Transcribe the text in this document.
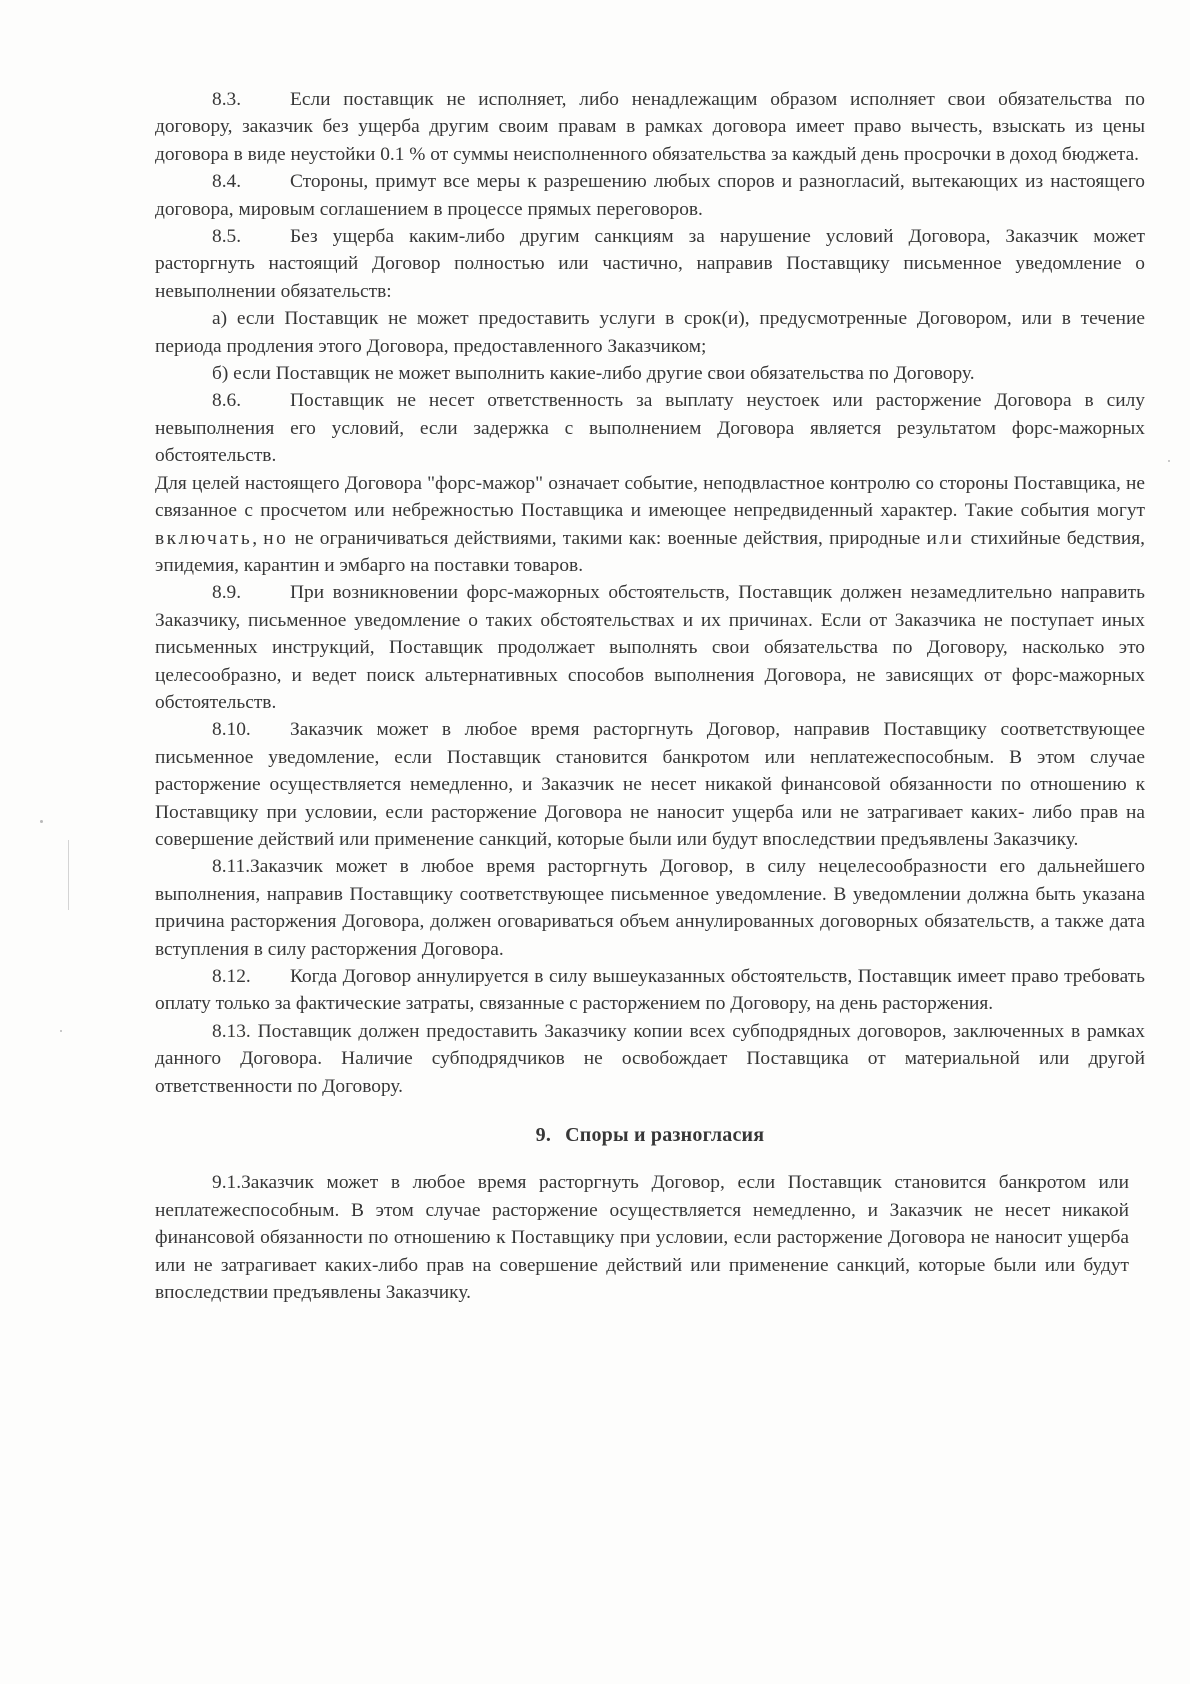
8.3.	Если поставщик не исполняет, либо ненадлежащим образом исполняет свои обязательства по договору, заказчик без ущерба другим своим правам в рамках договора имеет право вычесть, взыскать из цены договора в виде неустойки 0.1 % от суммы неисполненного обязательства за каждый день просрочки в доход бюджета.

8.4.	Стороны, примут все меры к разрешению любых споров и разногласий, вытекающих из настоящего договора, мировым соглашением в процессе прямых переговоров.

8.5.	Без ущерба каким-либо другим санкциям за нарушение условий Договора, Заказчик может расторгнуть настоящий Договор полностью или частично, направив Поставщику письменное уведомление о невыполнении обязательств:

а) если Поставщик не может предоставить услуги в срок(и), предусмотренные Договором, или в течение периода продления этого Договора, предоставленного Заказчиком;

б) если Поставщик не может выполнить какие-либо другие свои обязательства по Договору.

8.6.	Поставщик не несет ответственность за выплату неустоек или расторжение Договора в силу невыполнения его условий, если задержка с выполнением Договора является результатом форс-мажорных обстоятельств.

Для целей настоящего Договора "форс-мажор" означает событие, неподвластное контролю со стороны Поставщика, не связанное с просчетом или небрежностью Поставщика и имеющее непредвиденный характер. Такие события могут включать, но не ограничиваться действиями, такими как: военные действия, природные или стихийные бедствия, эпидемия, карантин и эмбарго на поставки товаров.

8.9.	При возникновении форс-мажорных обстоятельств, Поставщик должен незамедлительно направить Заказчику, письменное уведомление о таких обстоятельствах и их причинах. Если от Заказчика не поступает иных письменных инструкций, Поставщик продолжает выполнять свои обязательства по Договору, насколько это целесообразно, и ведет поиск альтернативных способов выполнения Договора, не зависящих от форс-мажорных обстоятельств.

8.10. Заказчик может в любое время расторгнуть Договор, направив Поставщику соответствующее письменное уведомление, если Поставщик становится банкротом или неплатежеспособным. В этом случае расторжение осуществляется немедленно, и Заказчик не несет никакой финансовой обязанности по отношению к Поставщику при условии, если расторжение Договора не наносит ущерба или не затрагивает каких- либо прав на совершение действий или применение санкций, которые были или будут впоследствии предъявлены Заказчику.

8.11.Заказчик может в любое время расторгнуть Договор, в силу нецелесообразности его дальнейшего выполнения, направив Поставщику соответствующее письменное уведомление. В уведомлении должна быть указана причина расторжения Договора, должен оговариваться объем аннулированных договорных обязательств, а также дата вступления в силу расторжения Договора.

8.12. Когда Договор аннулируется в силу вышеуказанных обстоятельств, Поставщик имеет право требовать оплату только за фактические затраты, связанные с расторжением по Договору, на день расторжения.

8.13. Поставщик должен предоставить Заказчику копии всех субподрядных договоров, заключенных в рамках данного Договора. Наличие субподрядчиков не освобождает Поставщика от материальной или другой ответственности по Договору.

9. Споры и разногласия

9.1.Заказчик может в любое время расторгнуть Договор, если Поставщик становится банкротом или неплатежеспособным. В этом случае расторжение осуществляется немедленно, и Заказчик не несет никакой финансовой обязанности по отношению к Поставщику при условии, если расторжение Договора не наносит ущерба или не затрагивает каких-либо прав на совершение действий или применение санкций, которые были или будут впоследствии предъявлены Заказчику.
